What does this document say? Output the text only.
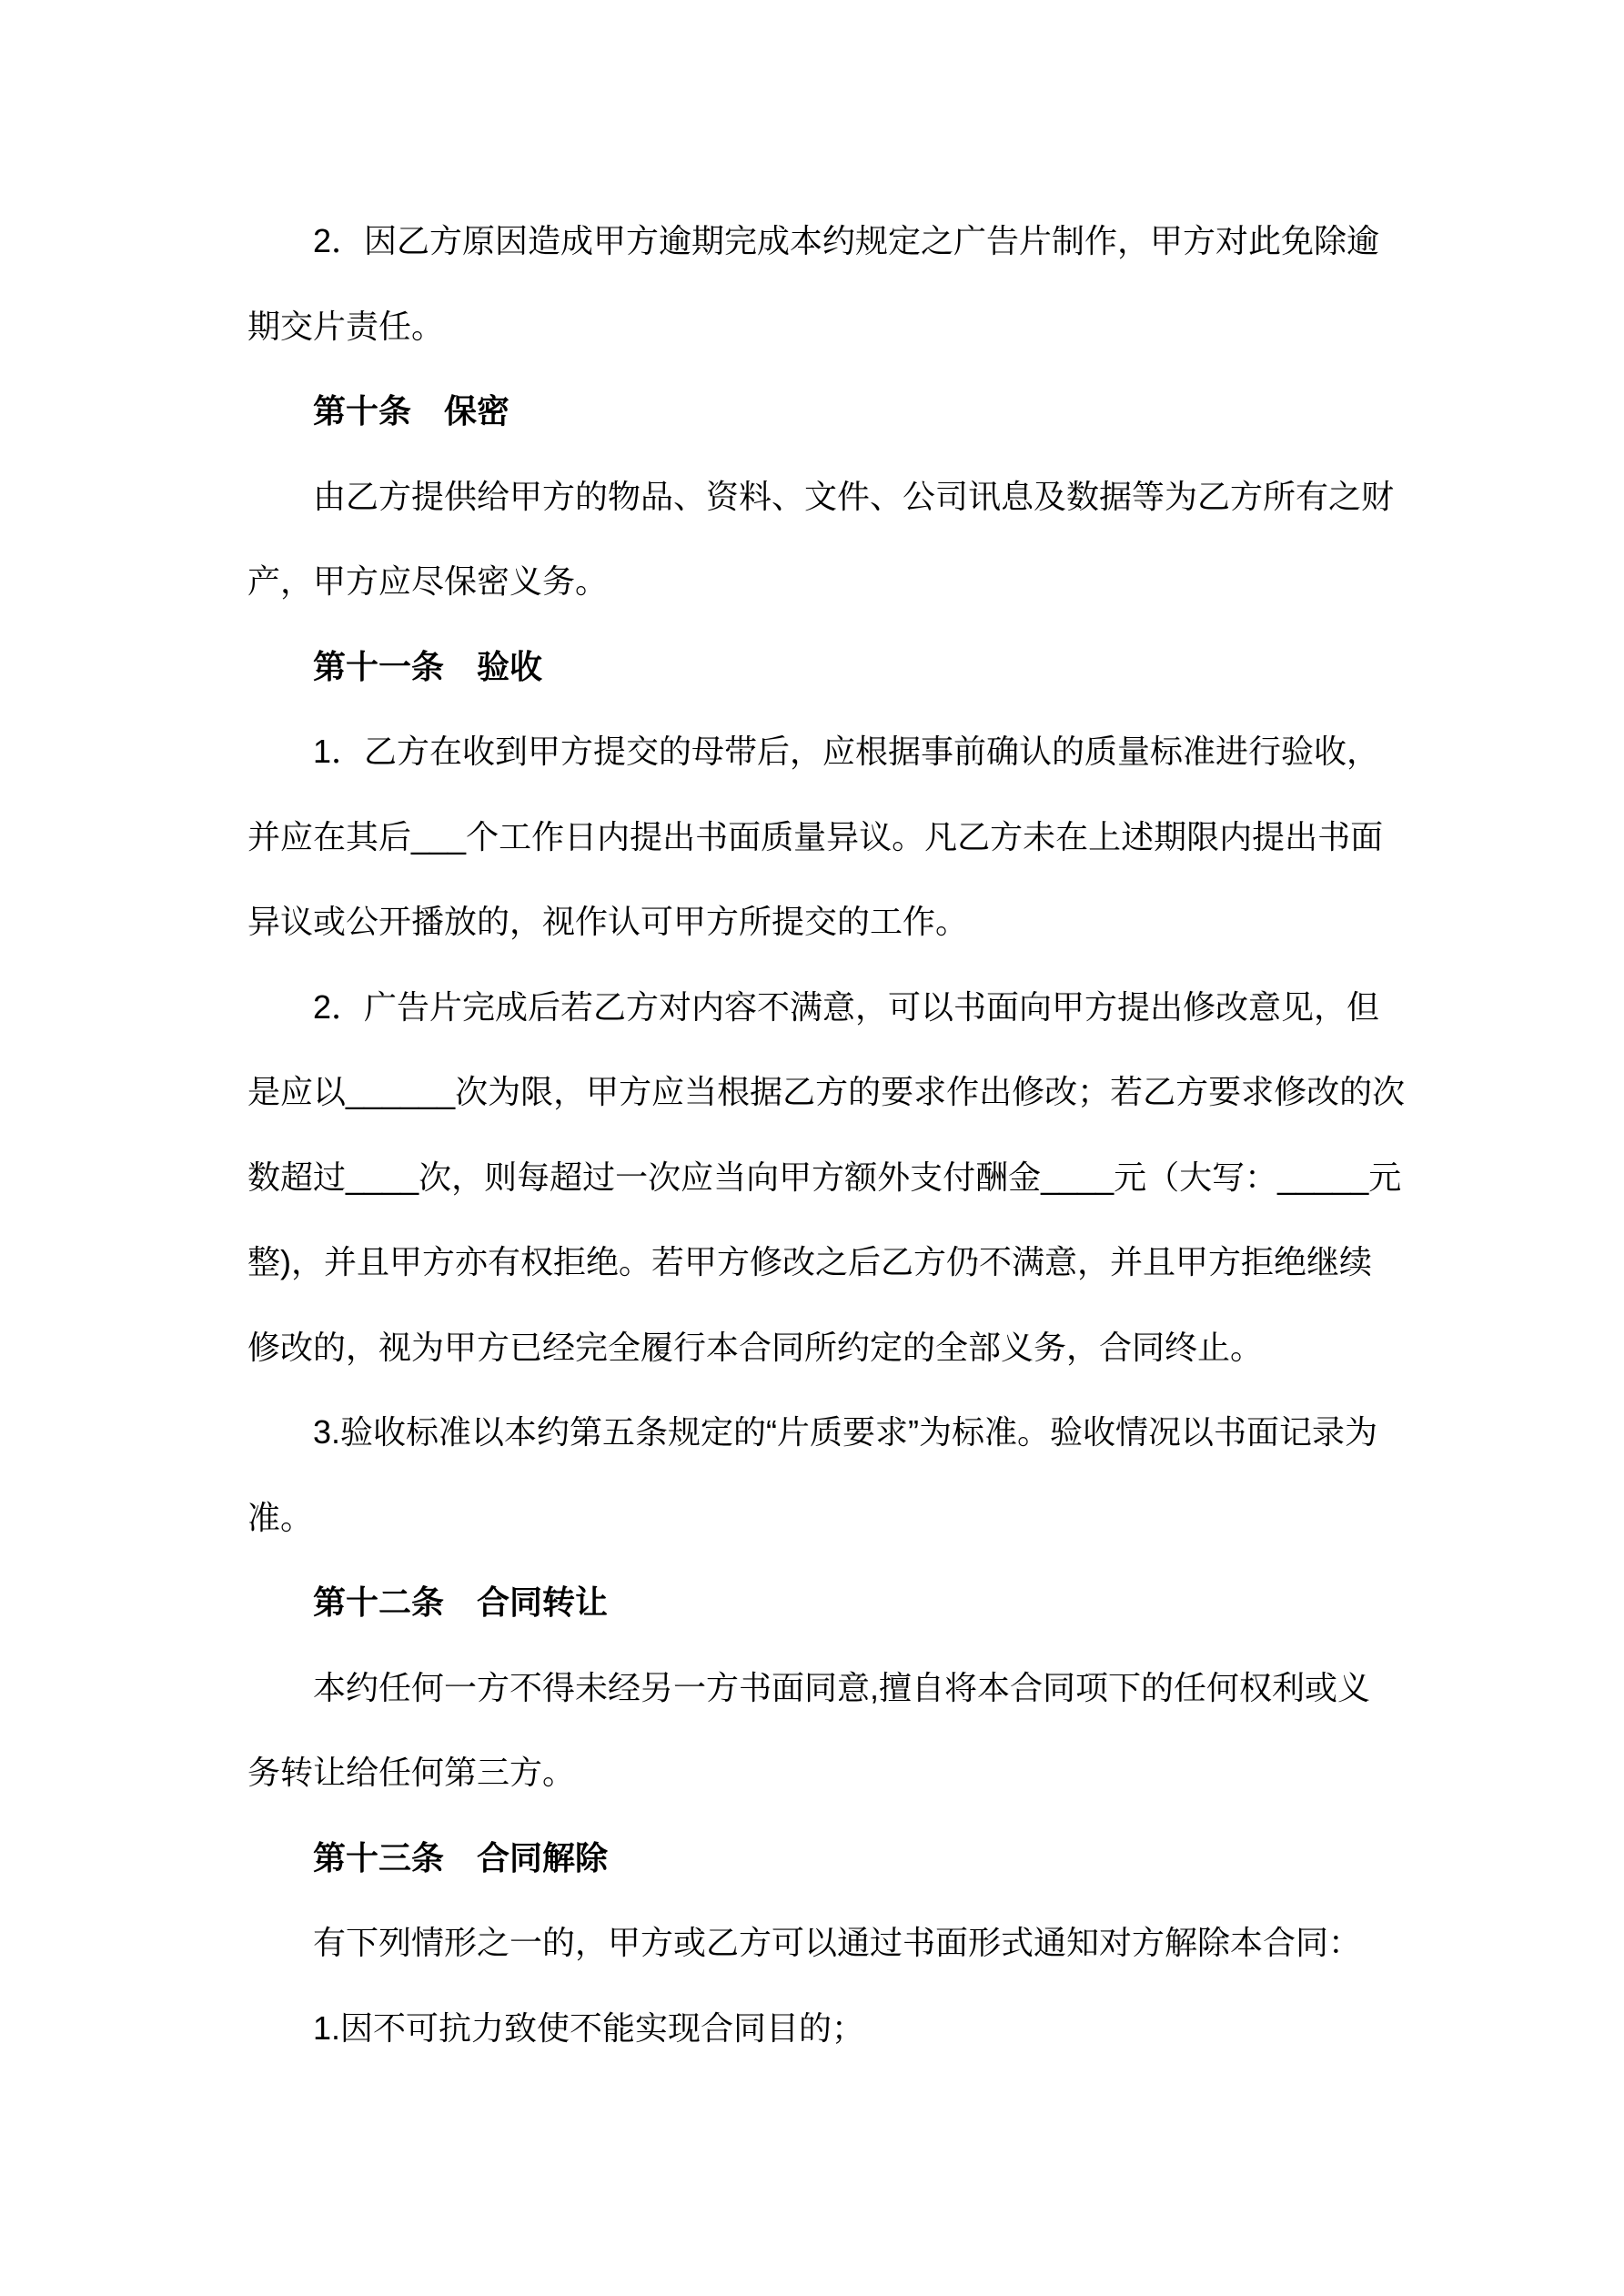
2．因乙方原因造成甲方逾期完成本约规定之广告片制作，甲方对此免除逾
期交片责任。
第十条　保密
由乙方提供给甲方的物品、资料、文件、公司讯息及数据等为乙方所有之财
产，甲方应尽保密义务。
第十一条　验收
1．乙方在收到甲方提交的母带后，应根据事前确认的质量标准进行验收，
并应在其后___个工作日内提出书面质量异议。凡乙方未在上述期限内提出书面
异议或公开播放的，视作认可甲方所提交的工作。
2．广告片完成后若乙方对内容不满意，可以书面向甲方提出修改意见，但
是应以______次为限，甲方应当根据乙方的要求作出修改；若乙方要求修改的次
数超过____次，则每超过一次应当向甲方额外支付酬金____元（大写：_____元
整)，并且甲方亦有权拒绝。若甲方修改之后乙方仍不满意，并且甲方拒绝继续
修改的，视为甲方已经完全履行本合同所约定的全部义务，合同终止。
3.验收标准以本约第五条规定的“片质要求”为标准。验收情况以书面记录为
准。
第十二条　合同转让
本约任何一方不得未经另一方书面同意,擅自将本合同项下的任何权利或义
务转让给任何第三方。
第十三条　合同解除
有下列情形之一的，甲方或乙方可以通过书面形式通知对方解除本合同：
1.因不可抗力致使不能实现合同目的；
